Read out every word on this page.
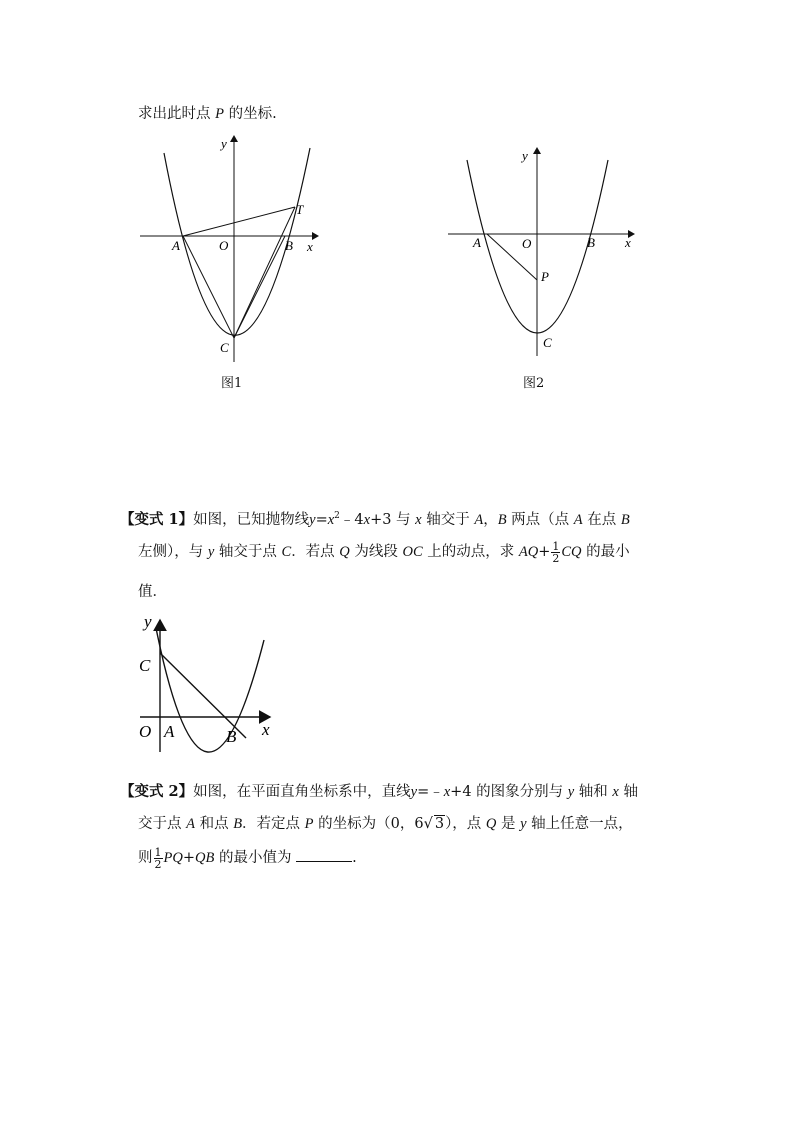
求出此时点 P 的坐标.
y
x
A	O	B
T
C
图1
y
x
A	O	B
P
C
图2
【变式 1】如图，已知抛物线$y=x^2﹣4x+3$ 与 x 轴交于 A，B 两点（点 A 在点 B
左侧），与 y 轴交于点 C．若点 Q 为线段 OC 上的动点，求 $AQ+ \frac{1}{2}$ CQ 的最小
值．
y
x
C
O A	B
【变式 2】如图，在平面直角坐标系中，直线y=﹣x+4 的图象分别与 y 轴和 x 轴
交于点 A 和点 B．若定点 P 的坐标为（0，6√ 3），点 Q 是 y 轴上任意一点，
则 $\frac{1}{2} PQ+QB$ 的最小值为	.
